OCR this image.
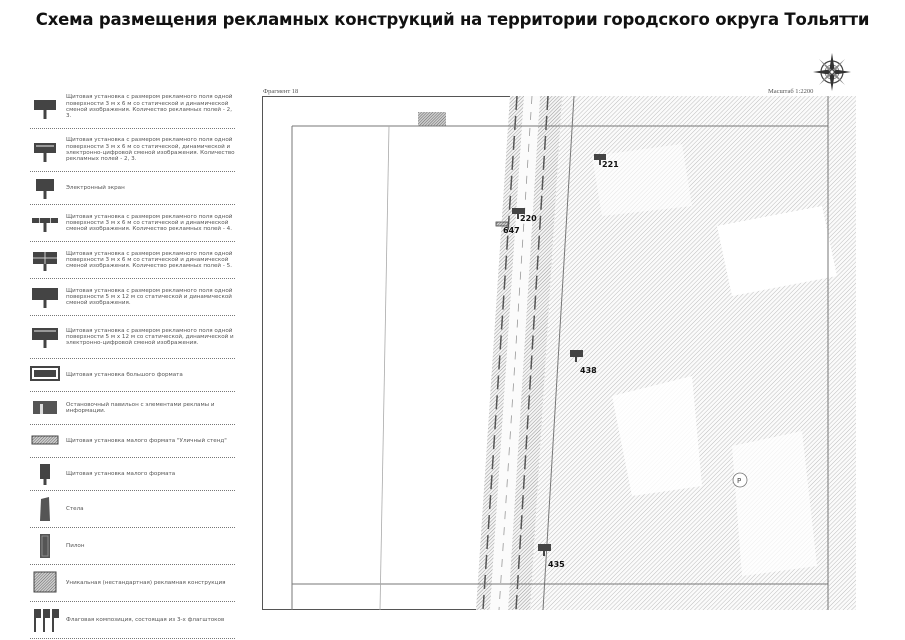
Схема размещения рекламных конструкций на территории городского округа Тольятти
Щитовая установка с размером рекламного поля одной поверхности 3 м х 6 м со статической и динамической сменой изображения. Количество рекламных полей - 2, 3.
Щитовая установка с размером рекламного поля одной поверхности 3 м х 6 м со статической, динамической и электронно-цифровой сменой изображения. Количество рекламных полей - 2, 3.
Электронный экран
Щитовая установка с размером рекламного поля одной поверхности 3 м х 6 м со статической и динамической сменой изображения. Количество рекламных полей - 4.
Щитовая установка с размером рекламного поля одной поверхности 3 м х 6 м со статической и динамической сменой изображения. Количество рекламных полей - 5.
Щитовая установка с размером рекламного поля одной поверхности 5 м х 12 м со статической и динамической сменой изображения.
Щитовая установка с размером рекламного поля одной поверхности 5 м х 12 м со статической, динамической и электронно-цифровой сменой изображения.
Щитовая установка большого формата
Остановочный павильон с элементами рекламы и информации.
Щитовая установка малого формата "Уличный стенд"
Щитовая установка малого формата
Стела
Пилон
Уникальная (нестандартная) рекламная конструкция
Флаговая композиция, состоящая из 3-х флагштоков
Фрагмент 18	Масштаб 1:2200
P
221
220
647
438
435
